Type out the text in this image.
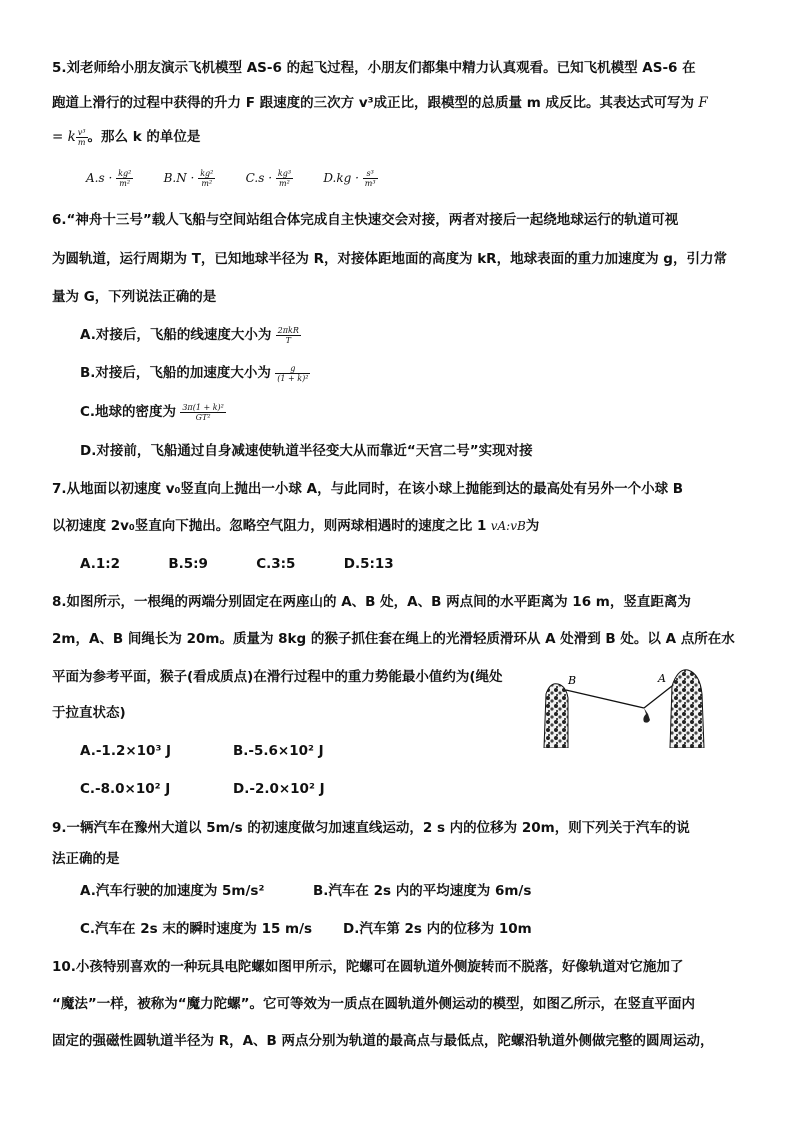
5.刘老师给小朋友演示飞机模型 AS-6 的起飞过程，小朋友们都集中精力认真观看。已知飞机模型 AS-6 在
跑道上滑行的过程中获得的升力 F 跟速度的三次方 v³成正比，跟模型的总质量 m 成反比。其表达式可写为 F
= k $\frac{\text{v³}}{m}$ 。那么 k 的单位是
$A.s \cdot \frac{\text{kg²}}{\text{m²}}$	$B.N \cdot \frac{\text{kg²}}{\text{m²}}$	$C.s \cdot \frac{\text{kg³}}{\text{m²}}$	$D.kg \cdot \frac{\text{s³}}{\text{m³}}$
6.“神舟十三号”载人飞船与空间站组合体完成自主快速交会对接，两者对接后一起绕地球运行的轨道可视
为圆轨道，运行周期为 T，已知地球半径为 R，对接体距地面的高度为 kR，地球表面的重力加速度为 g，引力常
量为 G，下列说法正确的是
A.对接后，飞船的线速度大小为 $\frac{\text{2πkR}}{T}$
B.对接后，飞船的加速度大小为 $\frac{g}{\text{(1 + k)²}}$
C.地球的密度为 $\frac{\text{3π(1 + k)²}}{\text{GT²}}$
D.对接前，飞船通过自身减速使轨道半径变大从而靠近“天宫二号”实现对接
7.从地面以初速度 v₀竖直向上抛出一小球 A，与此同时，在该小球上抛能到达的最高处有另外一个小球 B
以初速度 2v₀竖直向下抛出。忽略空气阻力，则两球相遇时的速度之比 1 vA:vB为
A.1:2	B.5:9	C.3:5	D.5:13
8.如图所示，一根绳的两端分别固定在两座山的 A、B 处，A、B 两点间的水平距离为 16 m，竖直距离为
2m，A、B 间绳长为 20m。质量为 8kg 的猴子抓住套在绳上的光滑轻质滑环从 A 处滑到 B 处。以 A 点所在水
平面为参考平面，猴子(看成质点)在滑行过程中的重力势能最小值约为(绳处
于拉直状态)
A.-1.2×10³ J	B.-5.6×10² J
C.-8.0×10² J	D.-2.0×10² J
B	A
9.一辆汽车在豫州大道以 5m/s 的初速度做匀加速直线运动，2 s 内的位移为 20m，则下列关于汽车的说
法正确的是
A.汽车行驶的加速度为 5m/s²	B.汽车在 2s 内的平均速度为 6m/s
C.汽车在 2s 末的瞬时速度为 15 m/s D.汽车第 2s 内的位移为 10m
10.小孩特别喜欢的一种玩具电陀螺如图甲所示，陀螺可在圆轨道外侧旋转而不脱落，好像轨道对它施加了
“魔法”一样，被称为“魔力陀螺”。它可等效为一质点在圆轨道外侧运动的模型，如图乙所示，在竖直平面内
固定的强磁性圆轨道半径为 R，A、B 两点分别为轨道的最高点与最低点，陀螺沿轨道外侧做完整的圆周运动，
